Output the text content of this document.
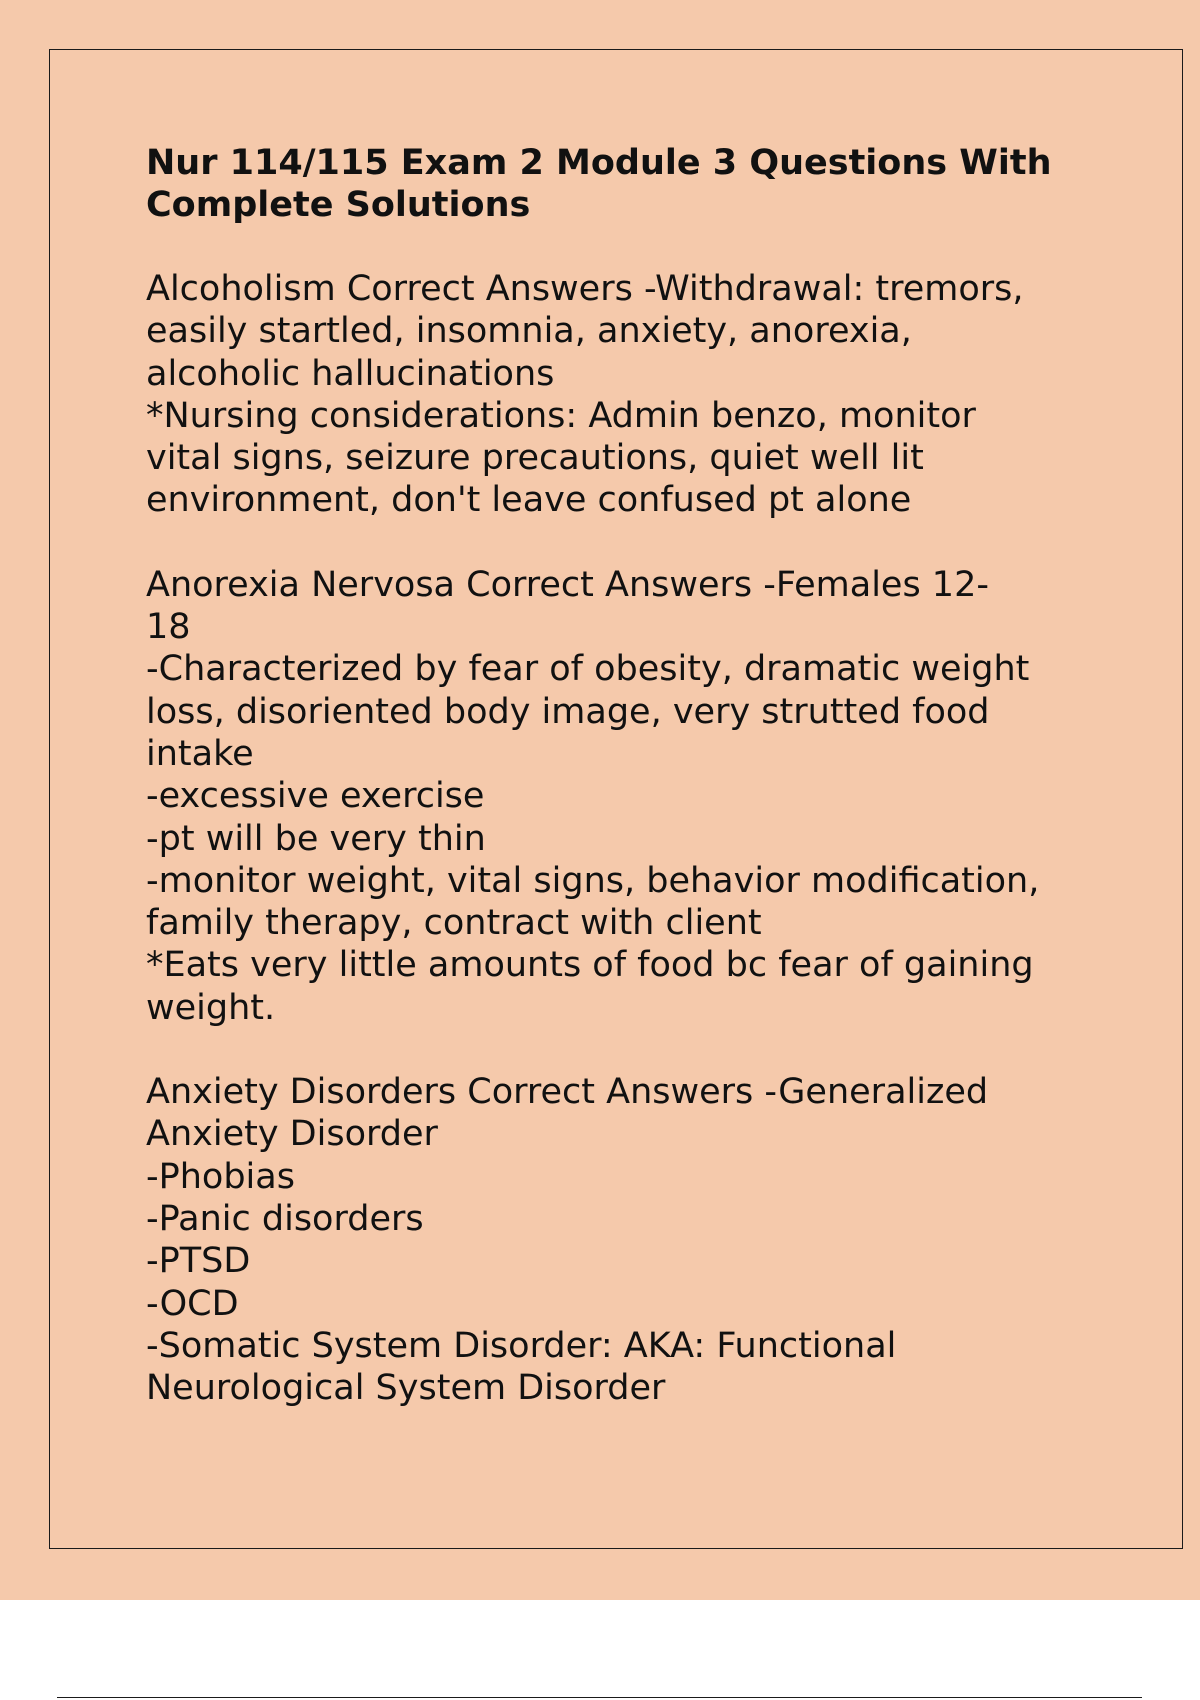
Nur 114/115 Exam 2 Module 3 Questions With
Complete Solutions

Alcoholism Correct Answers -Withdrawal: tremors,
easily startled, insomnia, anxiety, anorexia,
alcoholic hallucinations
*Nursing considerations: Admin benzo, monitor
vital signs, seizure precautions, quiet well lit
environment, don't leave confused pt alone

Anorexia Nervosa Correct Answers -Females 12-
18
-Characterized by fear of obesity, dramatic weight
loss, disoriented body image, very strutted food
intake
-excessive exercise
-pt will be very thin
-monitor weight, vital signs, behavior modification,
family therapy, contract with client
*Eats very little amounts of food bc fear of gaining
weight.

Anxiety Disorders Correct Answers -Generalized
Anxiety Disorder
-Phobias
-Panic disorders
-PTSD
-OCD
-Somatic System Disorder: AKA: Functional
Neurological System Disorder
